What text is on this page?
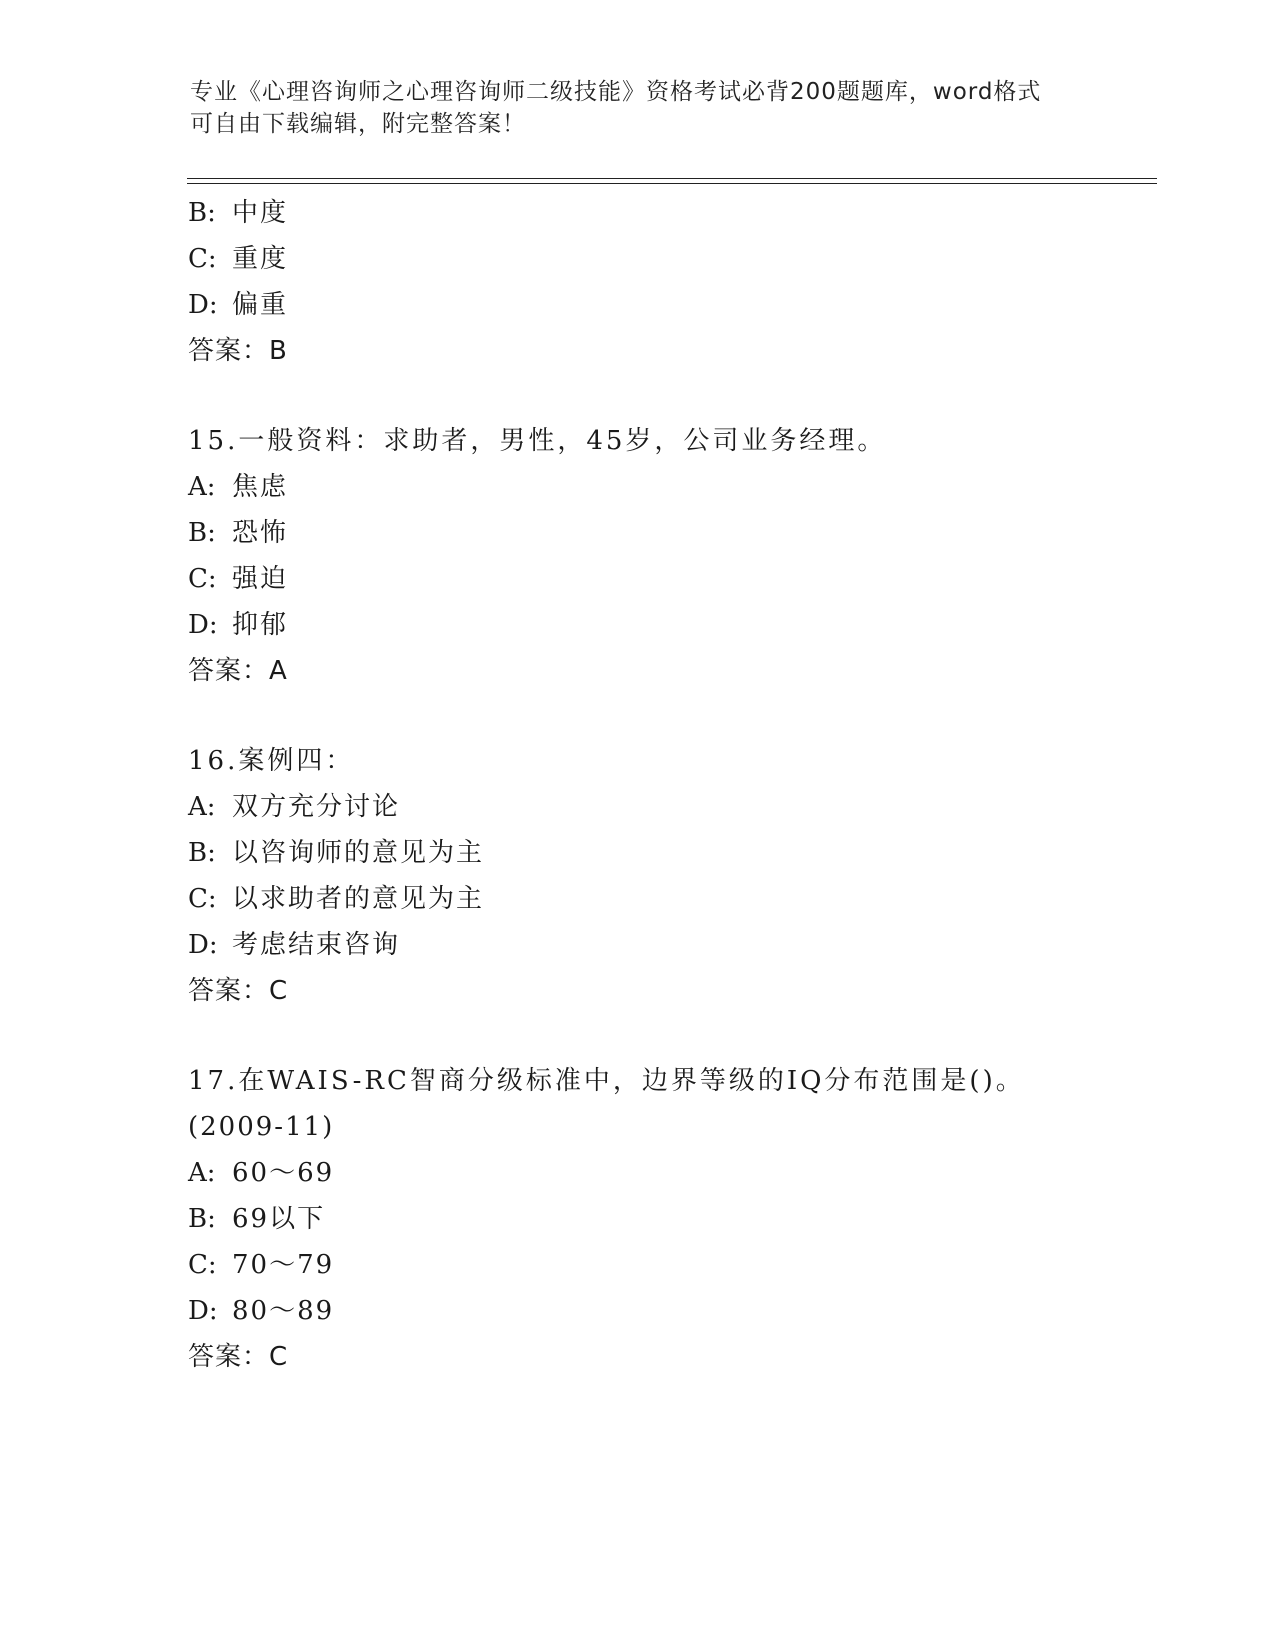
专业《心理咨询师之心理咨询师二级技能》资格考试必背200题题库，word格式
可自由下载编辑，附完整答案！
B: 中度
C: 重度
D: 偏重
答案：B
15.一般资料：求助者，男性，45岁，公司业务经理。
A: 焦虑
B: 恐怖
C: 强迫
D: 抑郁
答案：A
16.案例四：
A: 双方充分讨论
B: 以咨询师的意见为主
C: 以求助者的意见为主
D: 考虑结束咨询
答案：C
17.在WAIS-RC智商分级标准中，边界等级的IQ分布范围是()。
(2009-11)
A: 60～69
B: 69以下
C: 70～79
D: 80～89
答案：C
